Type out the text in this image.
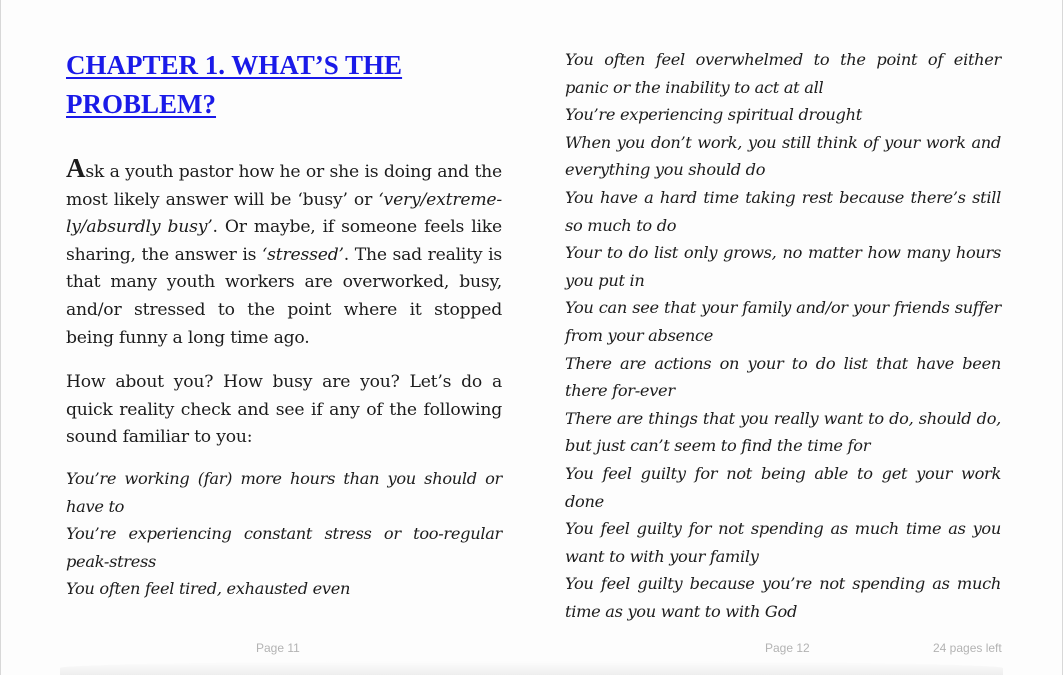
CHAPTER 1. WHAT’S THE
PROBLEM?

Ask a youth pastor how he or she is doing and the most likely answer will be ‘busy’ or ‘very/extreme-ly/absurdly busy’. Or maybe, if someone feels like sharing, the answer is ‘stressed’. The sad reality is that many youth workers are overworked, busy, and/or stressed to the point where it stopped being funny a long time ago.

How about you? How busy are you? Let’s do a quick reality check and see if any of the following sound familiar to you:

You’re working (far) more hours than you should or have to
You’re experiencing constant stress or too-regular peak-stress
You often feel tired, exhausted even
You often feel overwhelmed to the point of either panic or the inability to act at all
You’re experiencing spiritual drought
When you don’t work, you still think of your work and everything you should do
You have a hard time taking rest because there’s still so much to do
Your to do list only grows, no matter how many hours you put in
You can see that your family and/or your friends suffer from your absence
There are actions on your to do list that have been there for-ever
There are things that you really want to do, should do, but just can’t seem to find the time for
You feel guilty for not being able to get your work done
You feel guilty for not spending as much time as you want to with your family
You feel guilty because you’re not spending as much time as you want to with God
Page 11	Page 12	24 pages left
